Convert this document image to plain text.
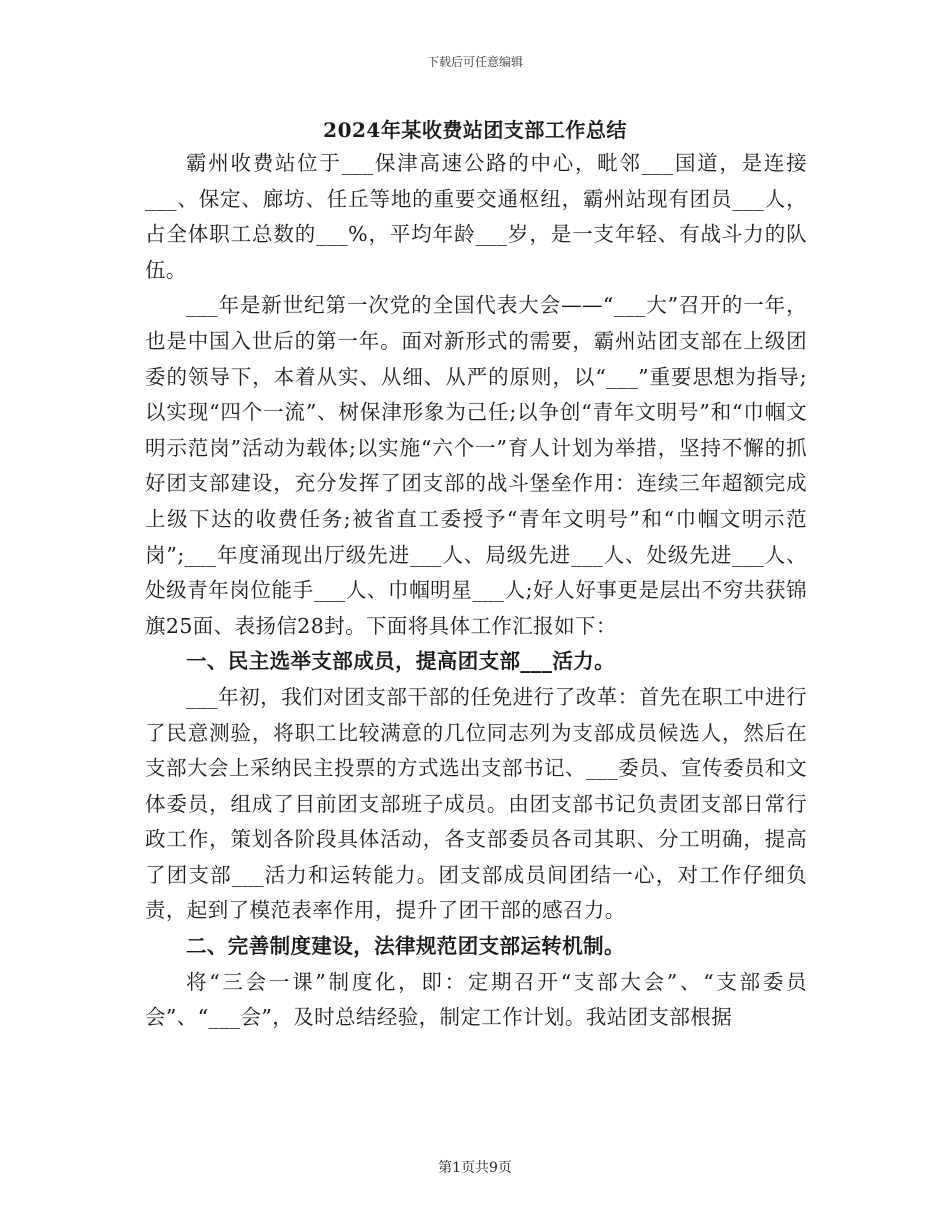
下载后可任意编辑
2024年某收费站团支部工作总结

霸州收费站位于___保津高速公路的中心，毗邻___国道，是连接___、保定、廊坊、任丘等地的重要交通枢纽，霸州站现有团员___人，占全体职工总数的___%，平均年龄___岁，是一支年轻、有战斗力的队伍。

___年是新世纪第一次党的全国代表大会——“___大”召开的一年，也是中国入世后的第一年。面对新形式的需要，霸州站团支部在上级团委的领导下，本着从实、从细、从严的原则，以“___”重要思想为指导;以实现“四个一流”、树保津形象为己任;以争创“青年文明号”和“巾帼文明示范岗”活动为载体;以实施“六个一”育人计划为举措，坚持不懈的抓好团支部建设，充分发挥了团支部的战斗堡垒作用：连续三年超额完成上级下达的收费任务;被省直工委授予“青年文明号”和“巾帼文明示范岗”;___年度涌现出厅级先进___人、局级先进___人、处级先进___人、处级青年岗位能手___人、巾帼明星___人;好人好事更是层出不穷共获锦旗25面、表扬信28封。下面将具体工作汇报如下：

一、民主选举支部成员，提高团支部___活力。

___年初，我们对团支部干部的任免进行了改革：首先在职工中进行了民意测验，将职工比较满意的几位同志列为支部成员候选人，然后在支部大会上采纳民主投票的方式选出支部书记、___委员、宣传委员和文体委员，组成了目前团支部班子成员。由团支部书记负责团支部日常行政工作，策划各阶段具体活动，各支部委员各司其职、分工明确，提高了团支部___活力和运转能力。团支部成员间团结一心，对工作仔细负责，起到了模范表率作用，提升了团干部的感召力。

二、完善制度建设，法律规范团支部运转机制。

将“三会一课”制度化，即：定期召开“支部大会”、“支部委员会”、“___会”，及时总结经验，制定工作计划。我站团支部根据

第1页共9页
